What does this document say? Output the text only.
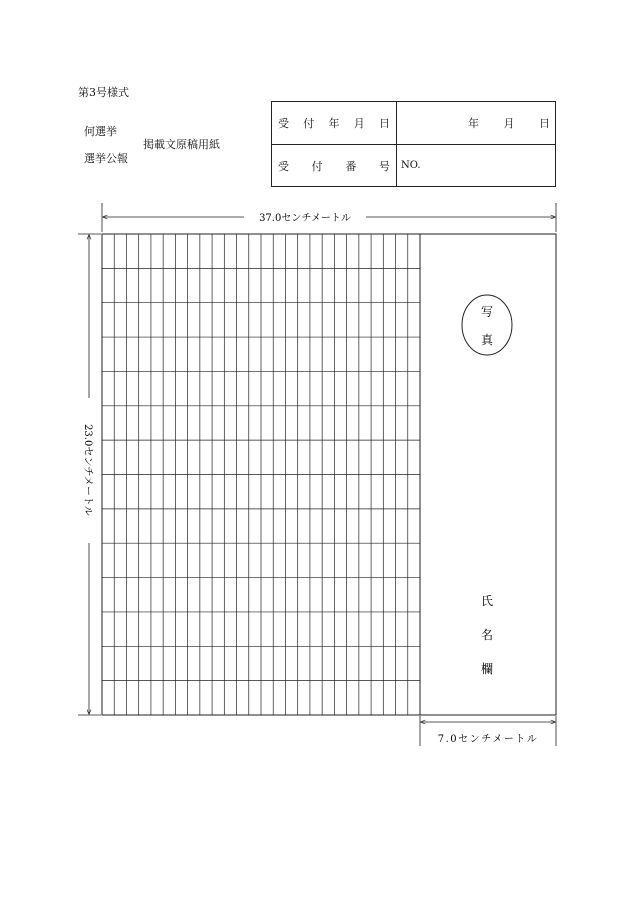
第3号様式
何選挙
選挙公報
掲載文原稿用紙
受付年月日	年月日
受付番号 NO.
37.0センチメートル
23.0センチメートル
写
真
氏
名
欄
7.0センチメートル
